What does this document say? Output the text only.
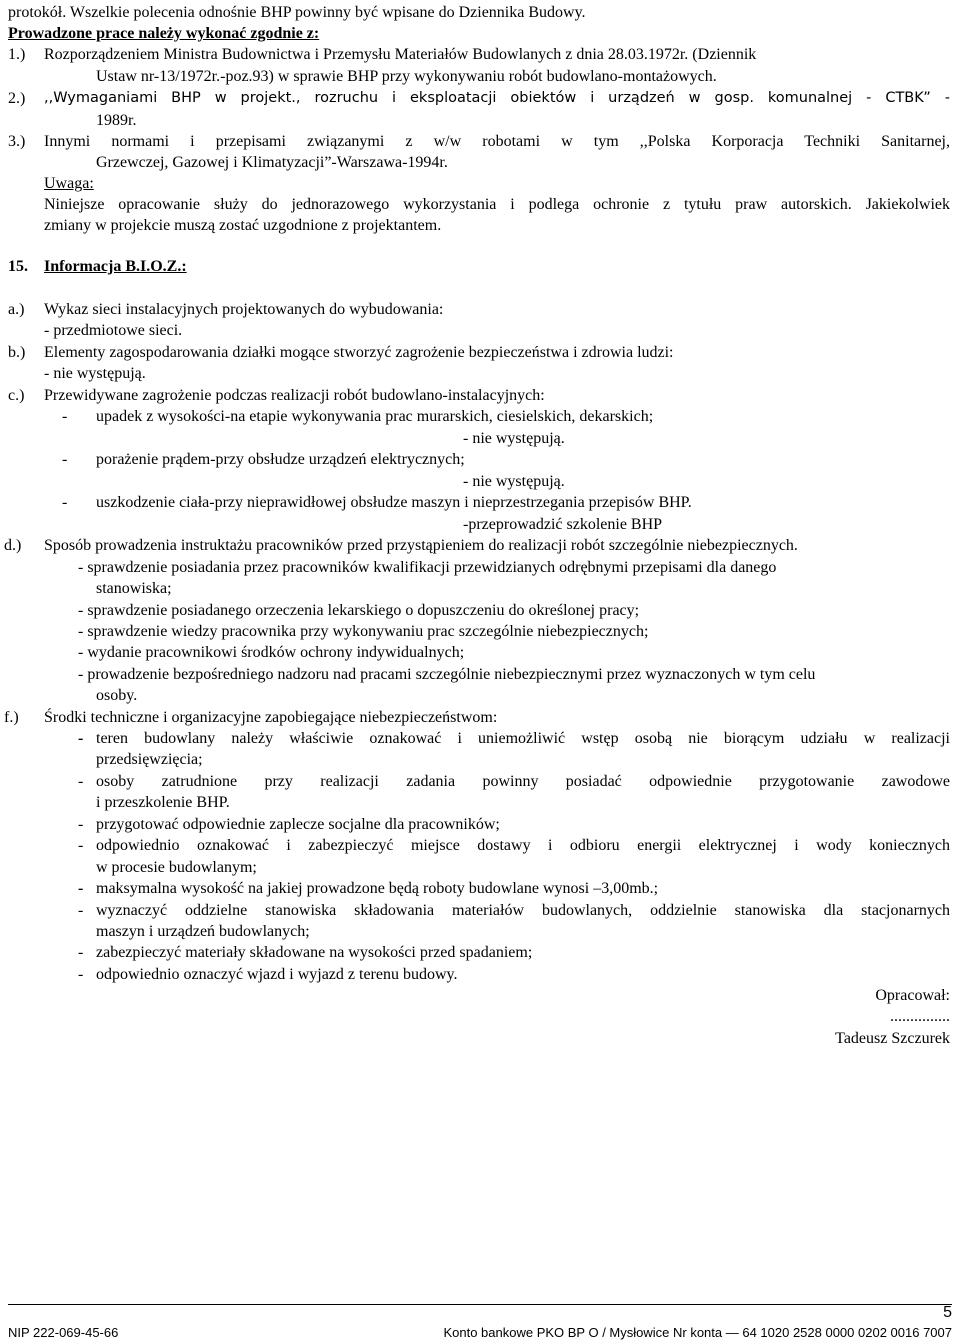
protokół. Wszelkie polecenia odnośnie BHP powinny być wpisane do Dziennika Budowy.
Prowadzone prace należy wykonać zgodnie z:
1.) Rozporządzeniem Ministra Budownictwa i Przemysłu Materiałów Budowlanych z dnia 28.03.1972r. (Dziennik
Ustaw nr-13/1972r.-poz.93) w sprawie BHP przy wykonywaniu robót budowlano-montażowych.
2.) ,,Wymaganiami BHP w projekt., rozruchu i eksploatacji obiektów i urządzeń w gosp. komunalnej - CTBK” -
1989r.
3.) Innymi normami i przepisami związanymi z w/w robotami w tym ,,Polska Korporacja Techniki Sanitarnej,
Grzewczej, Gazowej i Klimatyzacji”-Warszawa-1994r.
Uwaga:
Niniejsze opracowanie służy do jednorazowego wykorzystania i podlega ochronie z tytułu praw autorskich. Jakiekolwiek
zmiany w projekcie muszą zostać uzgodnione z projektantem.
15. Informacja B.I.O.Z.:
a.) Wykaz sieci instalacyjnych projektowanych do wybudowania:
- przedmiotowe sieci.
b.) Elementy zagospodarowania działki mogące stworzyć zagrożenie bezpieczeństwa i zdrowia ludzi:
- nie występują.
c.) Przewidywane zagrożenie podczas realizacji robót budowlano-instalacyjnych:
- upadek z wysokości-na etapie wykonywania prac murarskich, ciesielskich, dekarskich;
- nie występują.
- porażenie prądem-przy obsłudze urządzeń elektrycznych;
- nie występują.
- uszkodzenie ciała-przy nieprawidłowej obsłudze maszyn i nieprzestrzegania przepisów BHP.
-przeprowadzić szkolenie BHP
d.) Sposób prowadzenia instruktażu pracowników przed przystąpieniem do realizacji robót szczególnie niebezpiecznych.
- sprawdzenie posiadania przez pracowników kwalifikacji przewidzianych odrębnymi przepisami dla danego
stanowiska;
- sprawdzenie posiadanego orzeczenia lekarskiego o dopuszczeniu do określonej pracy;
- sprawdzenie wiedzy pracownika przy wykonywaniu prac szczególnie niebezpiecznych;
- wydanie pracownikowi środków ochrony indywidualnych;
- prowadzenie bezpośredniego nadzoru nad pracami szczególnie niebezpiecznymi przez wyznaczonych w tym celu
osoby.
f.) Środki techniczne i organizacyjne zapobiegające niebezpieczeństwom:
- teren budowlany należy właściwie oznakować i uniemożliwić wstęp osobą nie biorącym udziału w realizacji
przedsięwzięcia;
- osoby zatrudnione przy realizacji zadania powinny posiadać odpowiednie przygotowanie zawodowe
i przeszkolenie BHP.
- przygotować odpowiednie zaplecze socjalne dla pracowników;
- odpowiednio oznakować i zabezpieczyć miejsce dostawy i odbioru energii elektrycznej i wody koniecznych
w procesie budowlanym;
- maksymalna wysokość na jakiej prowadzone będą roboty budowlane wynosi –3,00mb.;
- wyznaczyć oddzielne stanowiska składowania materiałów budowlanych, oddzielnie stanowiska dla stacjonarnych
maszyn i urządzeń budowlanych;
- zabezpieczyć materiały składowane na wysokości przed spadaniem;
- odpowiednio oznaczyć wjazd i wyjazd z terenu budowy.
Opracował:
...............
Tadeusz Szczurek
5
NIP 222-069-45-66	Konto bankowe PKO BP O / Mysłowice Nr konta — 64 1020 2528 0000 0202 0016 7007
